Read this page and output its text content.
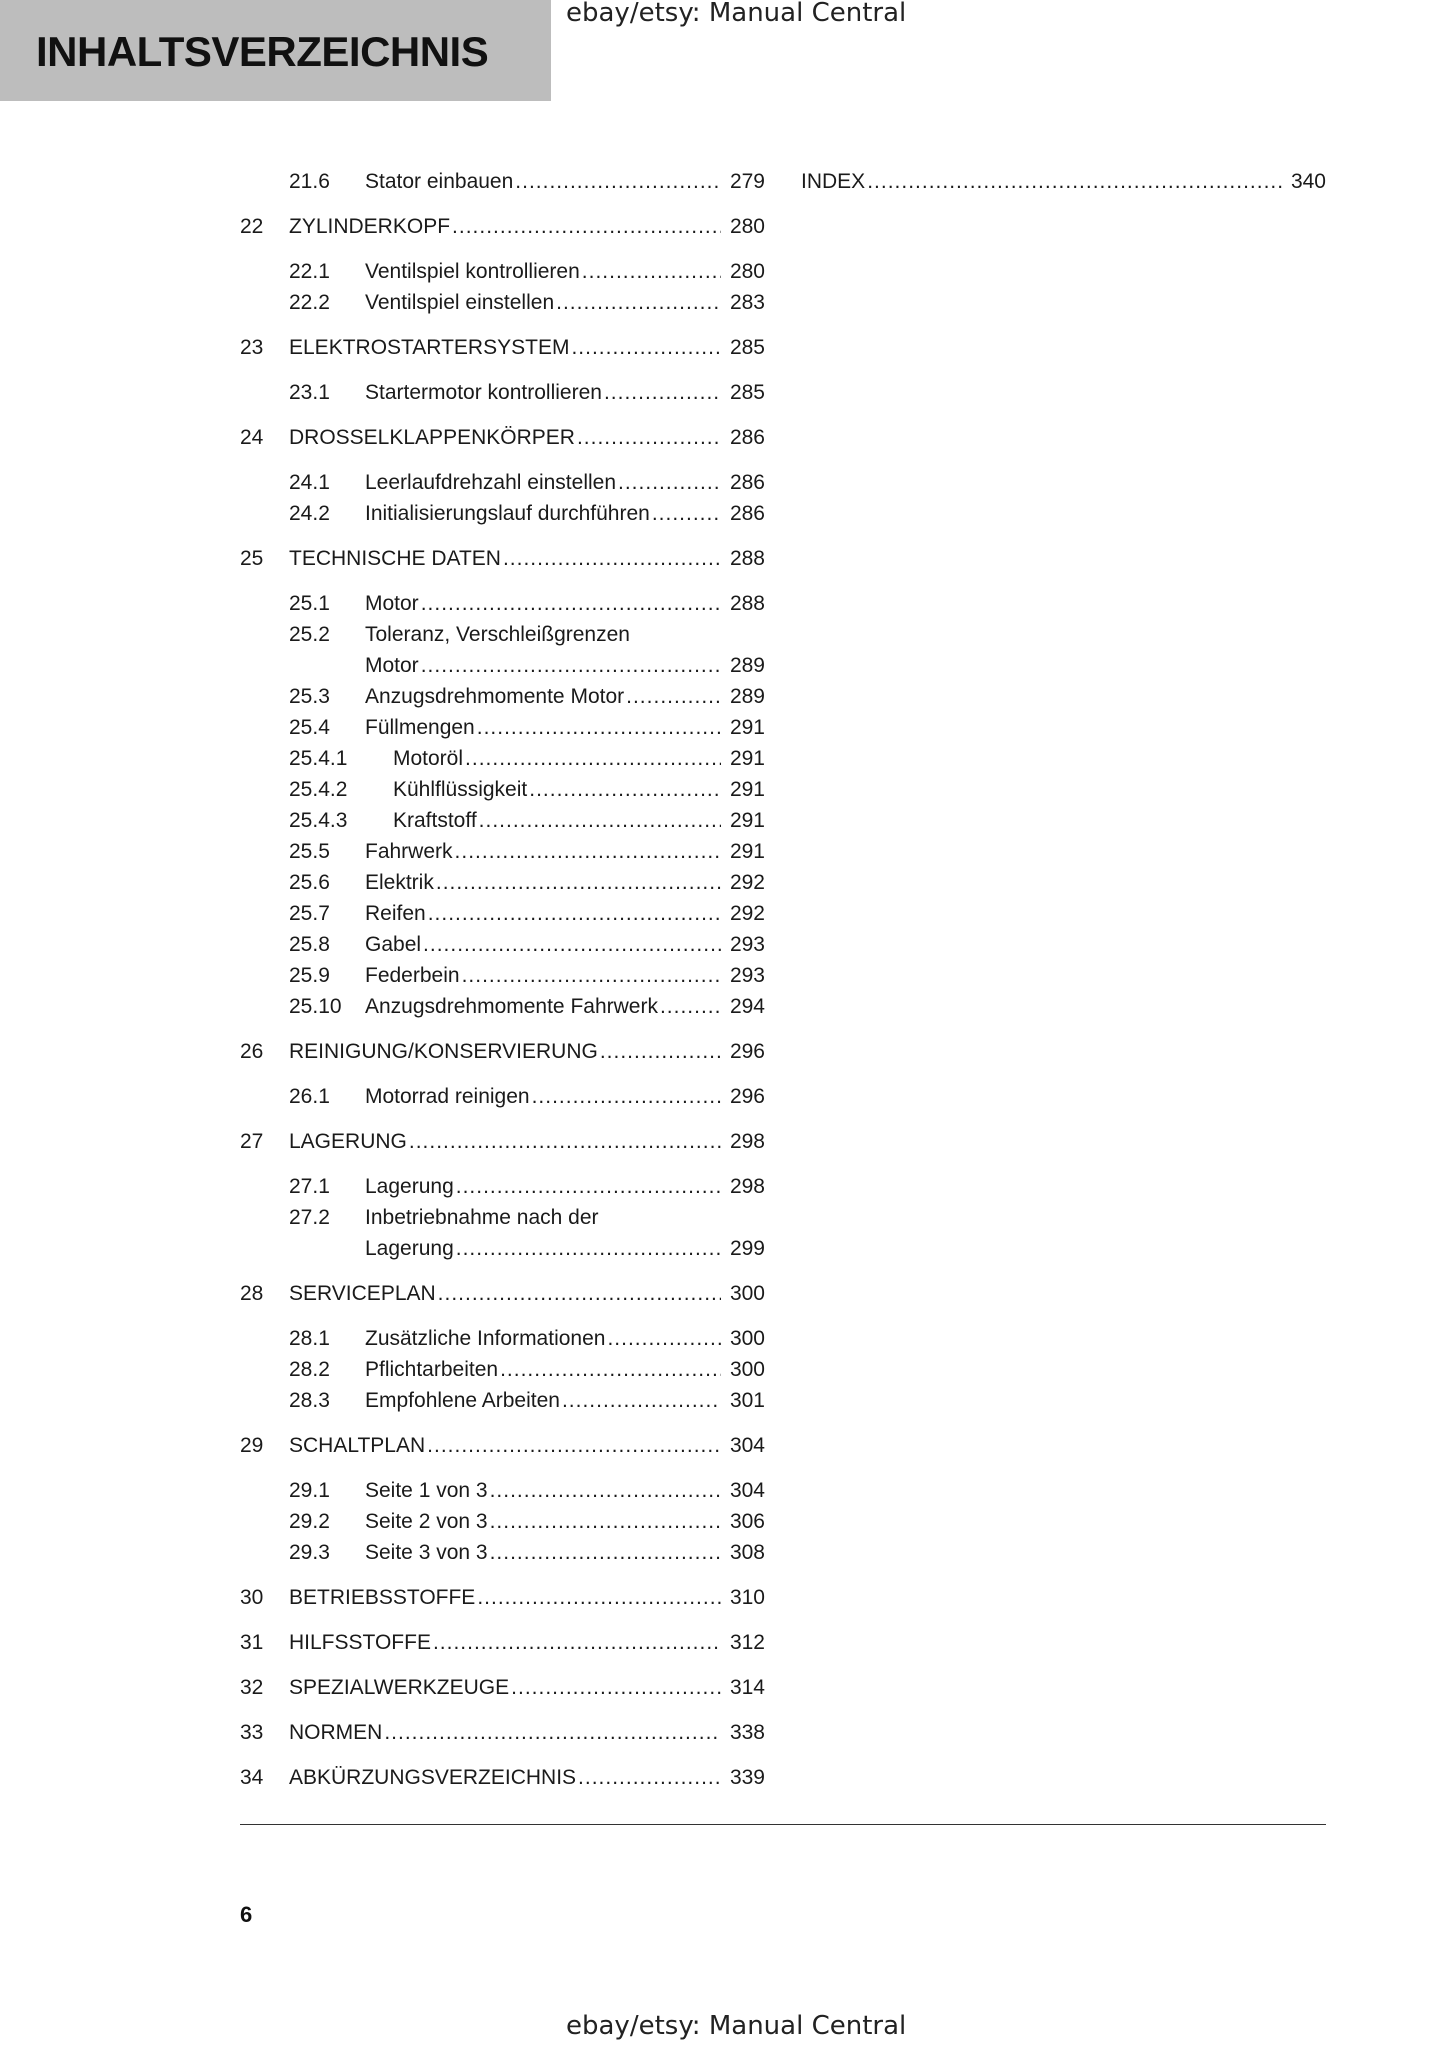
INHALTSVERZEICHNIS
ebay/etsy: Manual Central
21.6	Stator einbauen .....	279
22	ZYLINDERKOPF .....	280
22.1	Ventilspiel kontrollieren .....	280
22.2	Ventilspiel einstellen .....	283
23	ELEKTROSTARTERSYSTEM .....	285
23.1	Startermotor kontrollieren .....	285
24	DROSSELKLAPPENKÖRPER .....	286
24.1	Leerlaufdrehzahl einstellen .....	286
24.2	Initialisierungslauf durchführen .....	286
25	TECHNISCHE DATEN .....	288
25.1	Motor .....	288
25.2	Toleranz, Verschleißgrenzen
Motor .....	289
25.3	Anzugsdrehmomente Motor .....	289
25.4	Füllmengen .....	291
25.4.1	Motoröl .....	291
25.4.2	Kühlflüssigkeit .....	291
25.4.3	Kraftstoff .....	291
25.5	Fahrwerk .....	291
25.6	Elektrik .....	292
25.7	Reifen .....	292
25.8	Gabel .....	293
25.9	Federbein .....	293
25.10	Anzugsdrehmomente Fahrwerk .....	294
26	REINIGUNG/KONSERVIERUNG .....	296
26.1	Motorrad reinigen .....	296
27	LAGERUNG .....	298
27.1	Lagerung .....	298
27.2	Inbetriebnahme nach der
Lagerung .....	299
28	SERVICEPLAN .....	300
28.1	Zusätzliche Informationen .....	300
28.2	Pflichtarbeiten .....	300
28.3	Empfohlene Arbeiten .....	301
29	SCHALTPLAN .....	304
29.1	Seite 1 von 3 .....	304
29.2	Seite 2 von 3 .....	306
29.3	Seite 3 von 3 .....	308
30	BETRIEBSSTOFFE .....	310
31	HILFSSTOFFE .....	312
32	SPEZIALWERKZEUGE .....	314
33	NORMEN .....	338
34	ABKÜRZUNGSVERZEICHNIS .....	339
INDEX .....	340
6
ebay/etsy: Manual Central
